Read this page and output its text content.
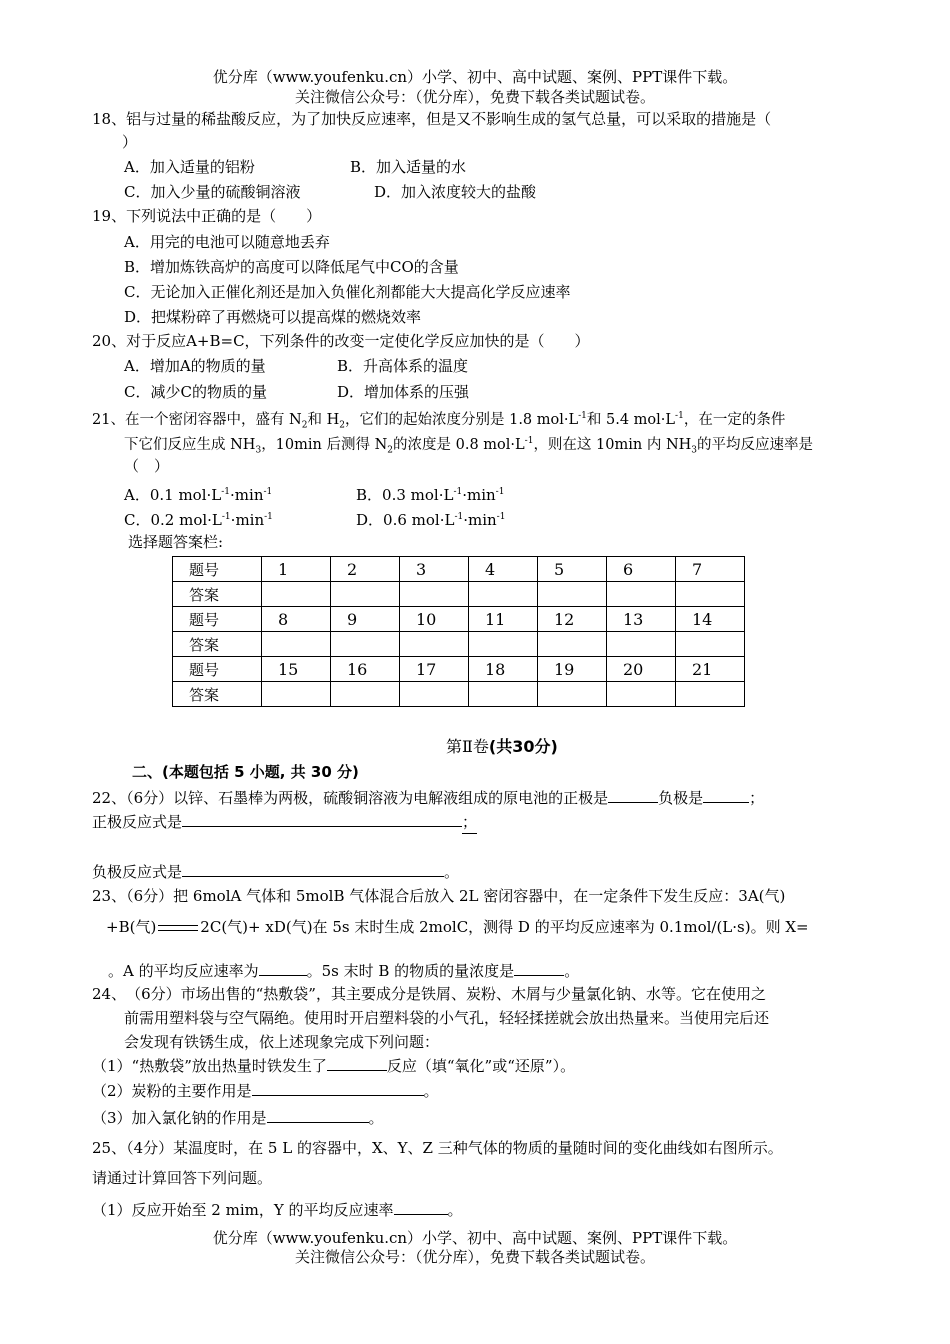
优分库（www.youfenku.cn）小学、初中、高中试题、案例、PPT课件下载。
关注微信公众号：（优分库），免费下载各类试题试卷。
18、铝与过量的稀盐酸反应，为了加快反应速率，但是又不影响生成的氢气总量，可以采取的措施是（
）
A．加入适量的铝粉	B．加入适量的水
C．加入少量的硫酸铜溶液	D．加入浓度较大的盐酸
19、下列说法中正确的是（　　）
A．用完的电池可以随意地丢弃
B．增加炼铁高炉的高度可以降低尾气中CO的含量
C．无论加入正催化剂还是加入负催化剂都能大大提高化学反应速率
D．把煤粉碎了再燃烧可以提高煤的燃烧效率
20、对于反应A+B=C，下列条件的改变一定使化学反应加快的是（　　）
A．增加A的物质的量	B．升高体系的温度
C．减少C的物质的量	D．增加体系的压强
21、在一个密闭容器中，盛有 $N_2$和 $H_2$，它们的起始浓度分别是 1.8 $mol\cdot L^{-1}$和 5.4 $mol\cdot L^{-1}$，在一定的条件
下它们反应生成 $NH_3$，10min 后测得 $N_2$的浓度是 0.8 $mol\cdot L^{-1}$，则在这 10min 内 $NH_3$的平均反应速率是
（　）
A．0.1 $mol\cdot L^{-1}\cdot\min^{-1}$	B．0.3 $mol\cdot L^{-1}\cdot\min^{-1}$
C．0.2 $mol\cdot L^{-1}\cdot\min^{-1}$	D．0.6 $mol\cdot L^{-1}\cdot\min^{-1}$
选择题答案栏:
题号	1	2	3	4	5	6	7
答案							
题号	8	9	10	11	12	13	14
答案							
题号	15	16	17	18	19	20	21
答案							
第Ⅱ卷(共30分)
二、(本题包括 5 小题, 共 30 分)
22、（6分）以锌、石墨棒为两极，硫酸铜溶液为电解液组成的原电池的正极是	负极是	；
正极反应式是	；
负极反应式是	。
23、（6分）把 6molA 气体和 5molB 气体混合后放入 2L 密闭容器中，在一定条件下发生反应：3A(气)
+B(气)	2C(气)+ xD(气)在 5s 末时生成 2molC，测得 D 的平均反应速率为 0.1mol/(L·s)。则 X=
。A 的平均反应速率为	。5s 末时 B 的物质的量浓度是	。
24、　（6分）市场出售的“热敷袋”，其主要成分是铁屑、炭粉、木屑与少量氯化钠、水等。它在使用之
前需用塑料袋与空气隔绝。使用时开启塑料袋的小气孔，轻轻揉搓就会放出热量来。当使用完后还
会发现有铁锈生成，依上述现象完成下列问题：
（1）“热敷袋”放出热量时铁发生了	反应（填“氧化”或“还原”）。
（2）炭粉的主要作用是	。
（3）加入氯化钠的作用是	。
25、（4分）某温度时，在 5 L 的容器中，X、Y、Z 三种气体的物质的量随时间的变化曲线如右图所示。
请通过计算回答下列问题。
（1）反应开始至 2 mim，Y 的平均反应速率	。
优分库（www.youfenku.cn）小学、初中、高中试题、案例、PPT课件下载。
关注微信公众号：（优分库），免费下载各类试题试卷。
